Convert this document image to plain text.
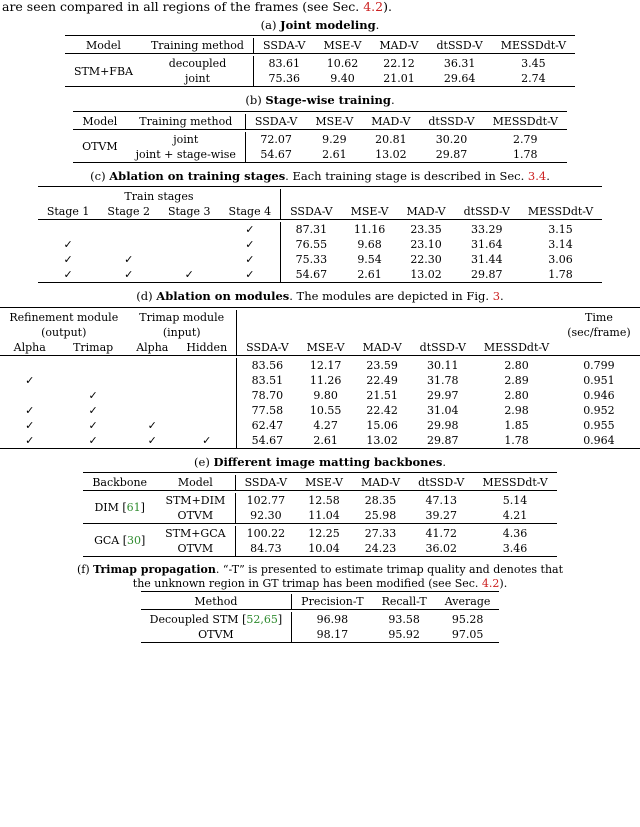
are seen compared in all regions of the frames (see Sec. 4.2).
(a) Joint modeling.

Model	Training method	SSDA-V	MSE-V	MAD-V	dtSSD-V	MESSDdt-V

STM+FBA	decoupled	83.61	10.62	22.12	36.31	3.45
	joint	75.36	9.40	21.01	29.64	2.74

(b) Stage-wise training.

Model	Training method	SSDA-V	MSE-V	MAD-V	dtSSD-V	MESSDdt-V

OTVM	joint	72.07	9.29	20.81	30.20	2.79
	joint + stage-wise	54.67	2.61	13.02	29.87	1.78

(c) Ablation on training stages. Each training stage is described in Sec. 3.4.

Train stages								
Stage 1	Stage 2	Stage 3	Stage 4	SSDA-V	MSE-V	MAD-V	dtSSD-V	MESSDdt-V

			✓	87.31	11.16	23.35	33.29	3.15
✓			✓	76.55	9.68	23.10	31.64	3.14
✓	✓		✓	75.33	9.54	22.30	31.44	3.06
✓	✓	✓	✓	54.67	2.61	13.02	29.87	1.78

(d) Ablation on modules. The modules are depicted in Fig. 3.

Refinement module		Trimap module							Time
(output)		(input)							(sec/frame)
Alpha	Trimap	Alpha	Hidden	SSDA-V	MSE-V	MAD-V	dtSSD-V	MESSDdt-V	

				83.56	12.17	23.59	30.11	2.80	0.799
✓				83.51	11.26	22.49	31.78	2.89	0.951
	✓			78.70	9.80	21.51	29.97	2.80	0.946
✓	✓			77.58	10.55	22.42	31.04	2.98	0.952
✓	✓	✓		62.47	4.27	15.06	29.98	1.85	0.955
✓	✓	✓	✓	54.67	2.61	13.02	29.87	1.78	0.964

(e) Different image matting backbones.

Backbone	Model	SSDA-V	MSE-V	MAD-V	dtSSD-V	MESSDdt-V

DIM [61]	STM+DIM	102.77	12.58	28.35	47.13	5.14
	OTVM	92.30	11.04	25.98	39.27	4.21

GCA [30]	STM+GCA	100.22	12.25	27.33	41.72	4.36
	OTVM	84.73	10.04	24.23	36.02	3.46

(f) Trimap propagation. “-T” is presented to estimate trimap quality and denotes that
the unknown region in GT trimap has been modified (see Sec. 4.2).

Method	Precision-T	Recall-T	Average

Decoupled STM [52,65]	96.98	93.58	95.28
OTVM	98.17	95.92	97.05
